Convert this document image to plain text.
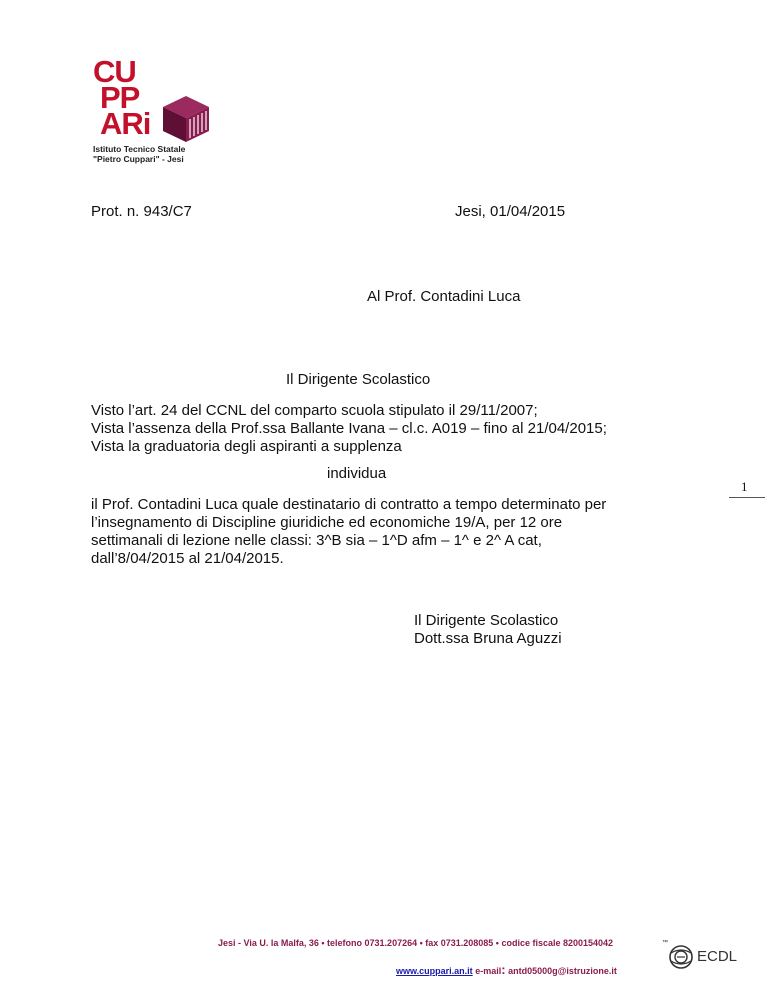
CU
PP
ARi
Istituto Tecnico Statale
"Pietro Cuppari" - Jesi
Prot. n. 943/C7	Jesi, 01/04/2015
Al Prof. Contadini Luca
Il Dirigente Scolastico
Visto l’art. 24 del CCNL del comparto scuola stipulato il 29/11/2007;
Vista l’assenza della Prof.ssa Ballante Ivana – cl.c. A019 – fino al 21/04/2015;
Vista la graduatoria degli aspiranti a supplenza
individua
1
il Prof. Contadini Luca quale destinatario di contratto a tempo determinato per
l’insegnamento di Discipline giuridiche ed economiche 19/A, per 12 ore
settimanali di lezione nelle classi: 3^B sia – 1^D afm – 1^ e 2^ A cat,
dall’8/04/2015 al 21/04/2015.
Il Dirigente Scolastico
Dott.ssa Bruna Aguzzi
Jesi - Via U. la Malfa, 36 • telefono 0731.207264 • fax 0731.208085 • codice fiscale 8200154042
www.cuppari.an.it e-mail: antd05000g@istruzione.it
™
ECDL
